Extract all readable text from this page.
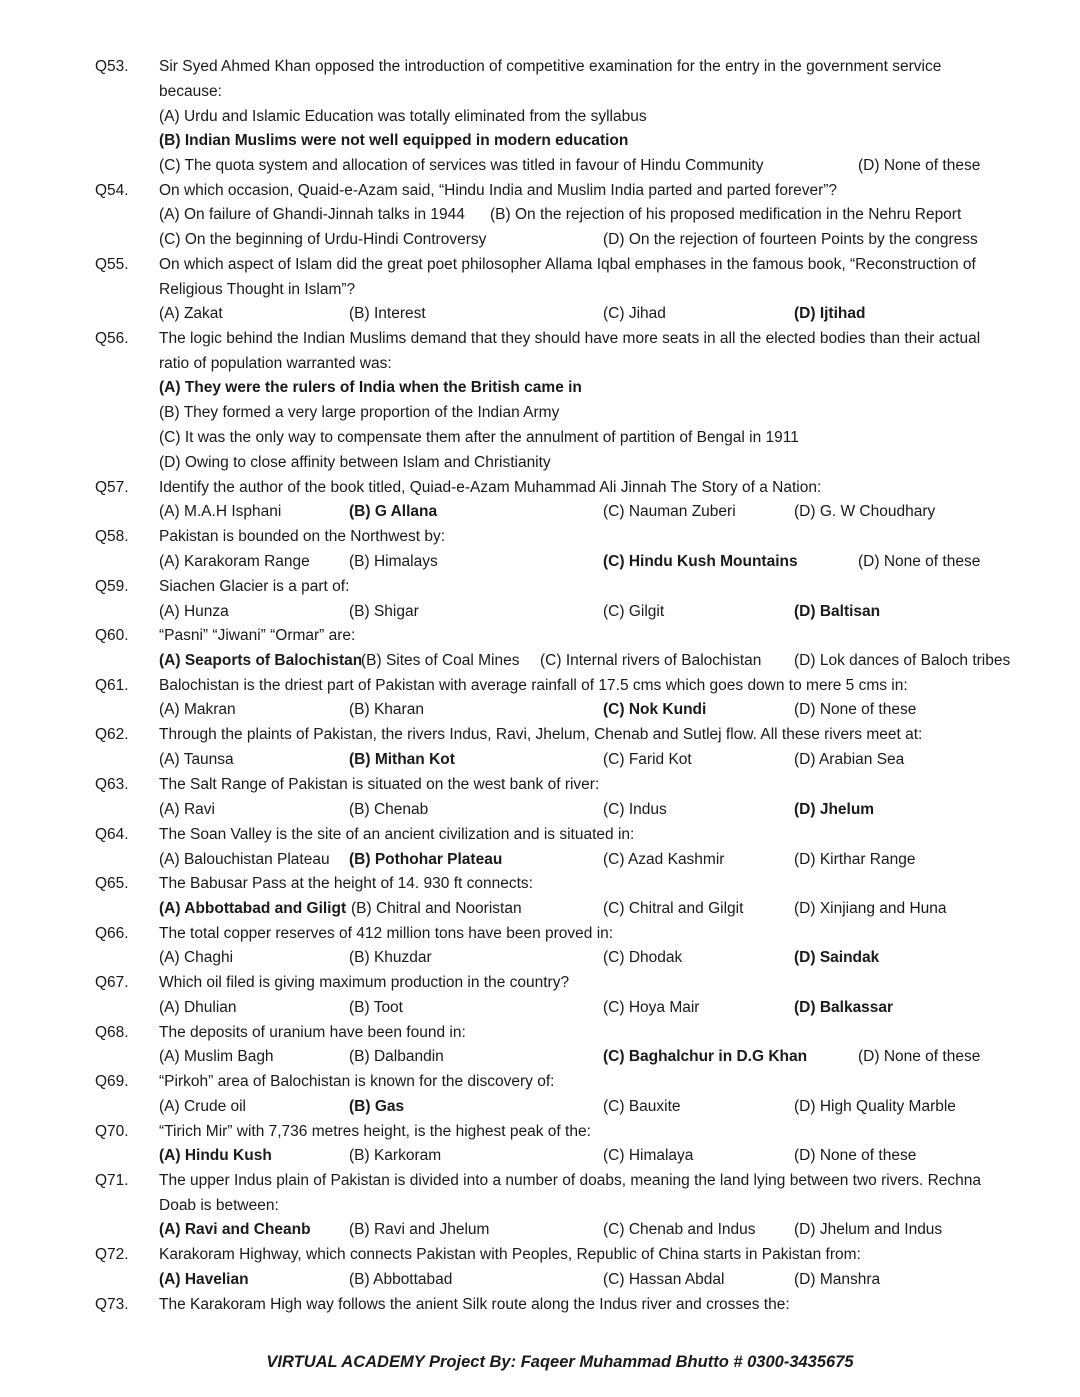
Q53. Sir Syed Ahmed Khan opposed the introduction of competitive examination for the entry in the government service
because:
(A) Urdu and Islamic Education was totally eliminated from the syllabus
(B) Indian Muslims were not well equipped in modern education
(C) The quota system and allocation of services was titled in favour of Hindu Community	(D) None of these
Q54. On which occasion, Quaid-e-Azam said, “Hindu India and Muslim India parted and parted forever”?
(A) On failure of Ghandi-Jinnah talks in 1944 (B) On the rejection of his proposed medification in the Nehru Report
(C) On the beginning of Urdu-Hindi Controversy	(D) On the rejection of fourteen Points by the congress
Q55. On which aspect of Islam did the great poet philosopher Allama Iqbal emphases in the famous book, “Reconstruction of
Religious Thought in Islam”?
(A) Zakat	(B) Interest	(C) Jihad	(D) Ijtihad
Q56. The logic behind the Indian Muslims demand that they should have more seats in all the elected bodies than their actual
ratio of population warranted was:
(A) They were the rulers of India when the British came in
(B) They formed a very large proportion of the Indian Army
(C) It was the only way to compensate them after the annulment of partition of Bengal in 1911
(D) Owing to close affinity between Islam and Christianity
Q57. Identify the author of the book titled, Quiad-e-Azam Muhammad Ali Jinnah The Story of a Nation:
(A) M.A.H Isphani	(B) G Allana	(C) Nauman Zuberi	(D) G. W Choudhary
Q58. Pakistan is bounded on the Northwest by:
(A) Karakoram Range	(B) Himalays	(C) Hindu Kush Mountains	(D) None of these
Q59. Siachen Glacier is a part of:
(A) Hunza	(B) Shigar	(C) Gilgit	(D) Baltisan
Q60. “Pasni” “Jiwani” “Ormar” are:
(A) Seaports of Balochistan
(B) Sites of Coal Mines (C) Internal rivers of Balochistan (D) Lok dances of Baloch tribes
Q61. Balochistan is the driest part of Pakistan with average rainfall of 17.5 cms which goes down to mere 5 cms in:
(A) Makran	(B) Kharan	(C) Nok Kundi	(D) None of these
Q62. Through the plaints of Pakistan, the rivers Indus, Ravi, Jhelum, Chenab and Sutlej flow. All these rivers meet at:
(A) Taunsa	(B) Mithan Kot	(C) Farid Kot	(D) Arabian Sea
Q63. The Salt Range of Pakistan is situated on the west bank of river:
(A) Ravi	(B) Chenab	(C) Indus	(D) Jhelum
Q64. The Soan Valley is the site of an ancient civilization and is situated in:
(A) Balouchistan Plateau (B) Pothohar Plateau	(C) Azad Kashmir	(D) Kirthar Range
Q65. The Babusar Pass at the height of 14. 930 ft connects:
(A) Abbottabad and Giligt (B) Chitral and Nooristan	(C) Chitral and Gilgit	(D) Xinjiang and Huna
Q66. The total copper reserves of 412 million tons have been proved in:
(A) Chaghi	(B) Khuzdar	(C) Dhodak	(D) Saindak
Q67. Which oil filed is giving maximum production in the country?
(A) Dhulian	(B) Toot	(C) Hoya Mair	(D) Balkassar
Q68. The deposits of uranium have been found in:
(A) Muslim Bagh	(B) Dalbandin	(C) Baghalchur in D.G Khan	(D) None of these
Q69. “Pirkoh” area of Balochistan is known for the discovery of:
(A) Crude oil	(B) Gas	(C) Bauxite	(D) High Quality Marble
Q70. “Tirich Mir” with 7,736 metres height, is the highest peak of the:
(A) Hindu Kush	(B) Karkoram	(C) Himalaya	(D) None of these
Q71. The upper Indus plain of Pakistan is divided into a number of doabs, meaning the land lying between two rivers. Rechna
Doab is between:
(A) Ravi and Cheanb (B) Ravi and Jhelum	(C) Chenab and Indus (D) Jhelum and Indus
Q72. Karakoram Highway, which connects Pakistan with Peoples, Republic of China starts in Pakistan from:
(A) Havelian	(B) Abbottabad	(C) Hassan Abdal	(D) Manshra
Q73. The Karakoram High way follows the anient Silk route along the Indus river and crosses the:
VIRTUAL ACADEMY Project By: Faqeer Muhammad Bhutto # 0300-3435675
